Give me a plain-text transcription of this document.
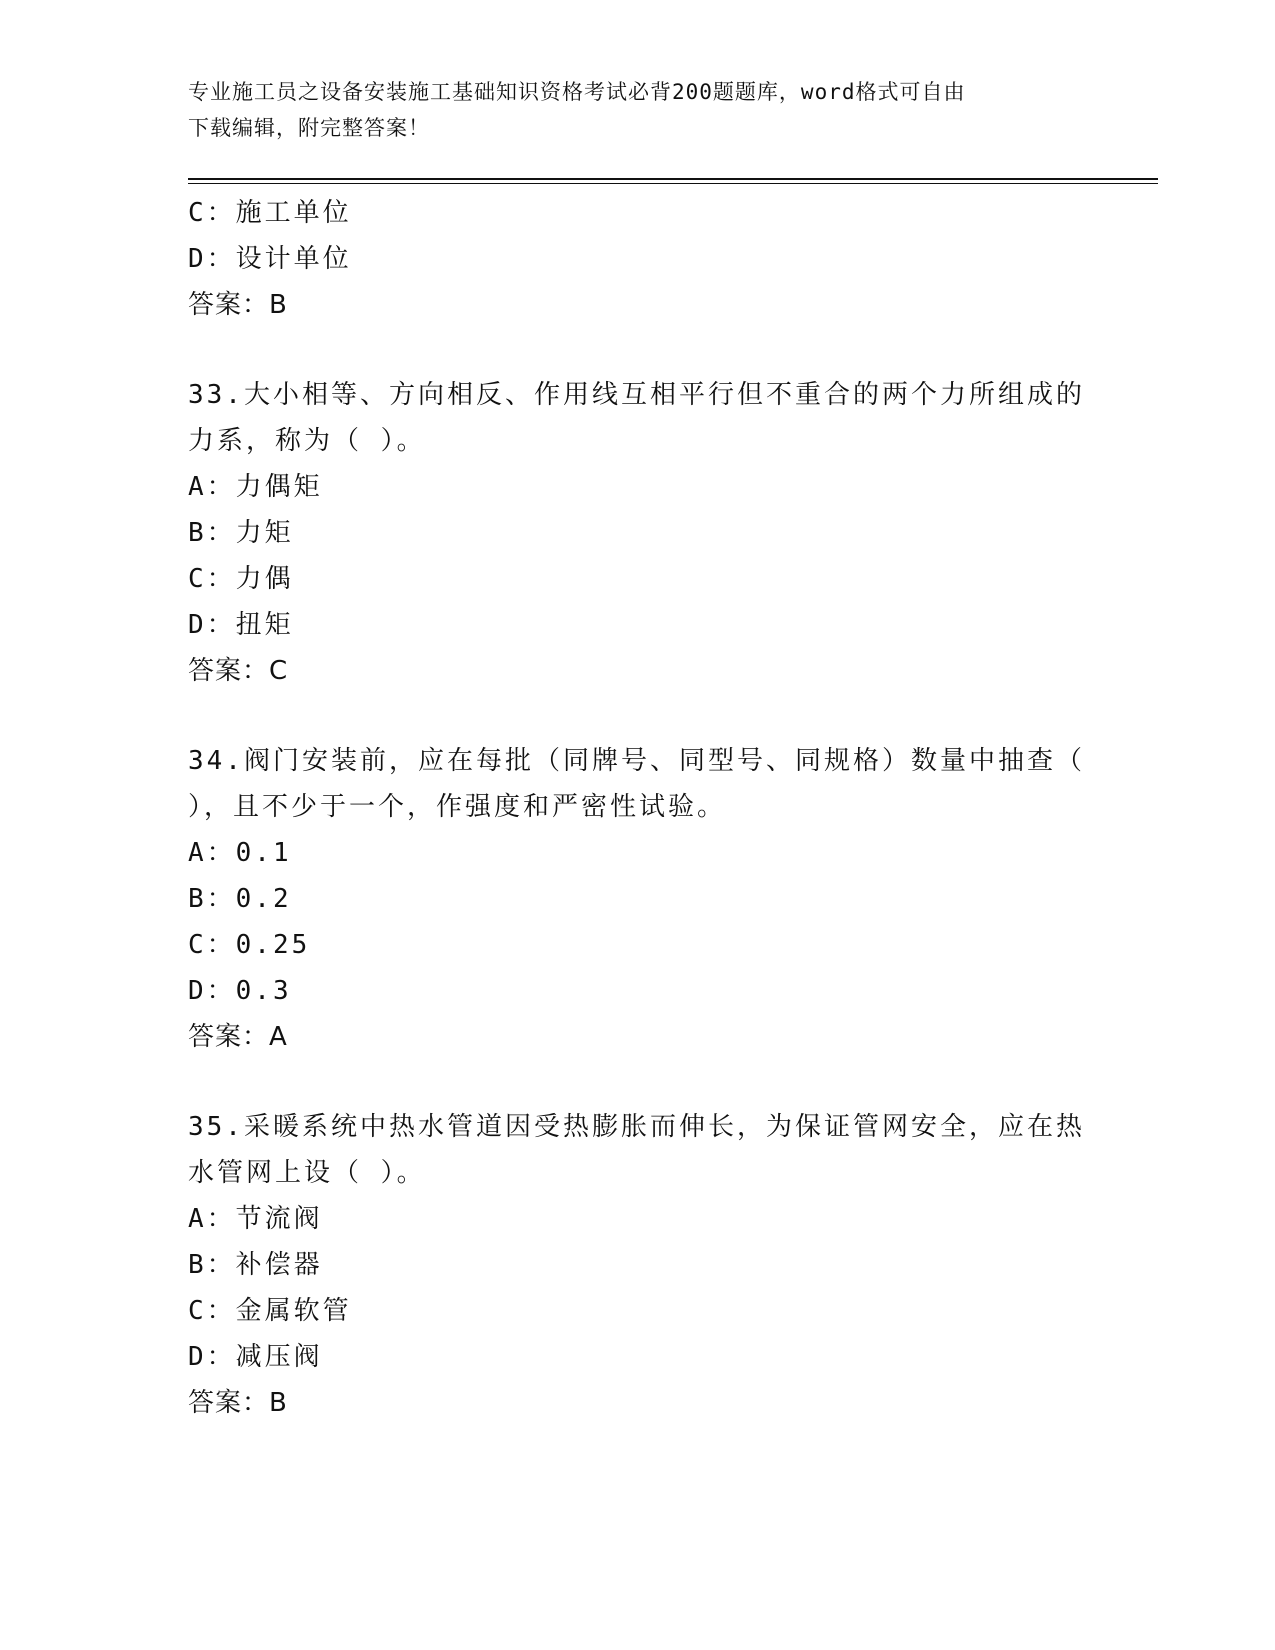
专业施工员之设备安装施工基础知识资格考试必背200题题库，word格式可自由
下载编辑，附完整答案！
C：施工单位
D：设计单位
答案：B
33.大小相等、方向相反、作用线互相平行但不重合的两个力所组成的
力系，称为（ ）。
A：力偶矩
B：力矩
C：力偶
D：扭矩
答案：C
34.阀门安装前，应在每批（同牌号、同型号、同规格）数量中抽查（
），且不少于一个，作强度和严密性试验。
A：0.1
B：0.2
C：0.25
D：0.3
答案：A
35.采暖系统中热水管道因受热膨胀而伸长，为保证管网安全，应在热
水管网上设（ ）。
A：节流阀
B：补偿器
C：金属软管
D：减压阀
答案：B
